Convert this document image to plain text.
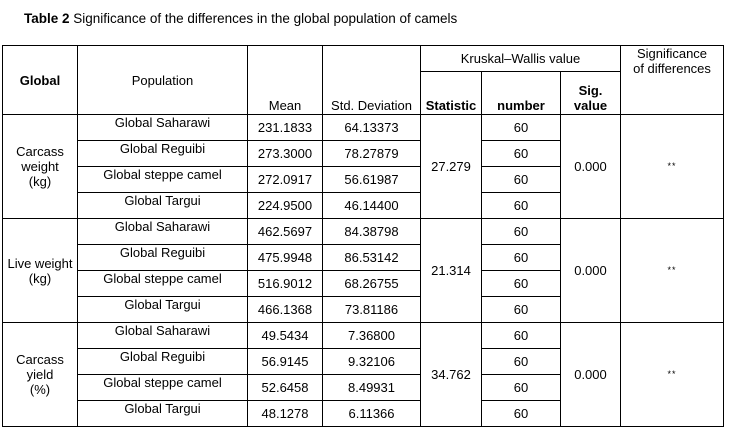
Table 2 Significance of the differences in the global population of camels
Global	Population	Mean	Std. Deviation	Kruskal–Wallis value			Significance
of differences
				Statistic	number	Sig.
value	
Carcass
weight
(kg)	Global Saharawi	231.1833	64.13373	27.279	60	0.000	**
	Global Reguibi	273.3000	78.27879		60		
	Global steppe camel	272.0917	56.61987		60		
	Global Targui	224.9500	46.14400		60		
Live weight
(kg)	Global Saharawi	462.5697	84.38798	21.314	60	0.000	**
	Global Reguibi	475.9948	86.53142		60		
	Global steppe camel	516.9012	68.26755		60		
	Global Targui	466.1368	73.81186		60		
Carcass
yield
(%)	Global Saharawi	49.5434	7.36800	34.762	60	0.000	**
	Global Reguibi	56.9145	9.32106		60		
	Global steppe camel	52.6458	8.49931		60		
	Global Targui	48.1278	6.11366		60		
